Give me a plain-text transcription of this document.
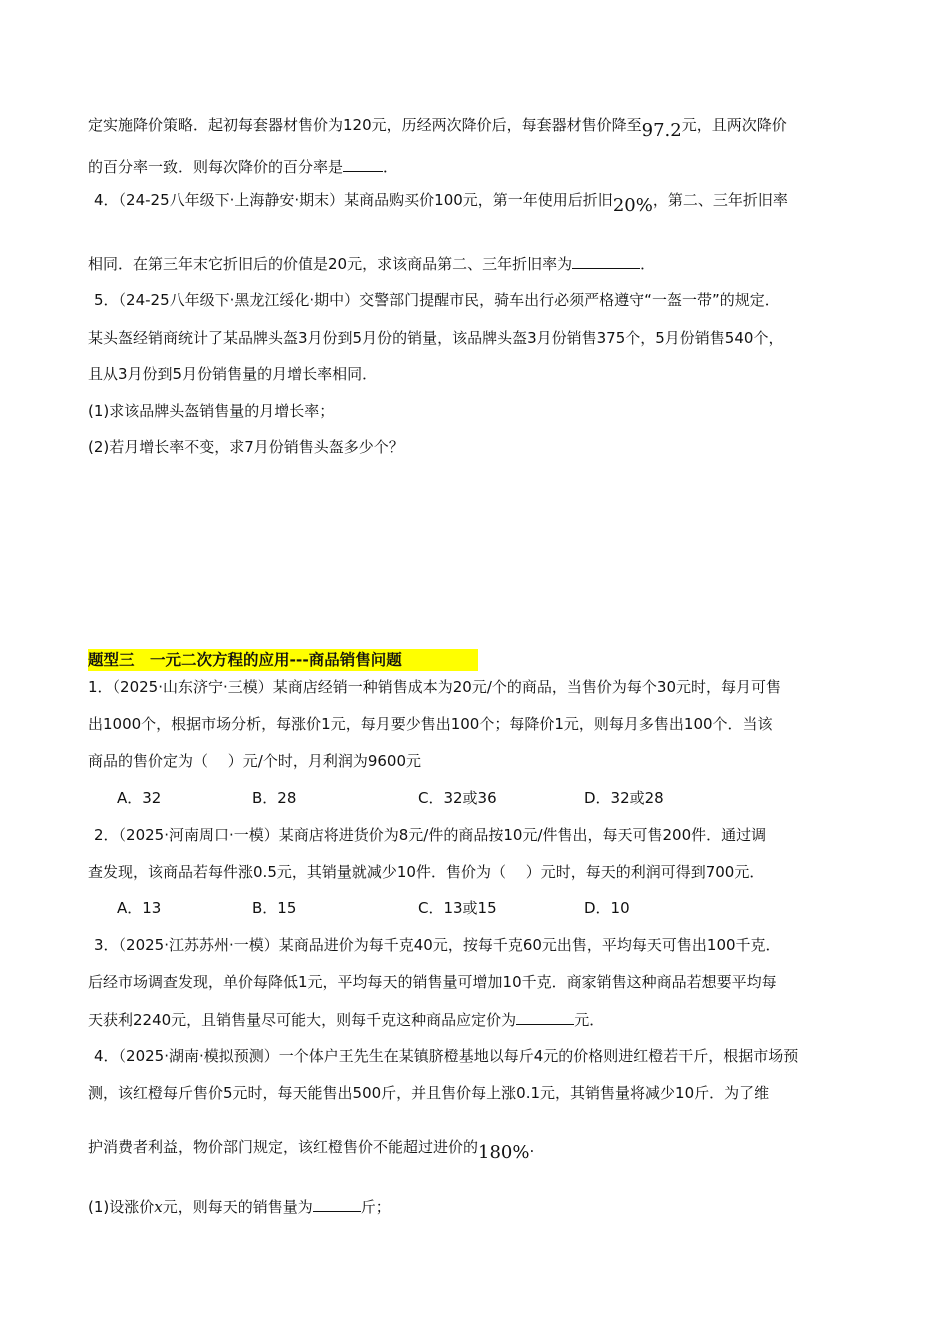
定实施降价策略．起初每套器材售价为120元，历经两次降价后，每套器材售价降至97.2元，且两次降价
的百分率一致．则每次降价的百分率是	．
4．（24-25八年级下·上海静安·期末）某商品购买价100元，第一年使用后折旧20%，第二、三年折旧率
相同．在第三年末它折旧后的价值是20元，求该商品第二、三年折旧率为	．
5．（24-25八年级下·黑龙江绥化·期中）交警部门提醒市民，骑车出行必须严格遵守“一盔一带”的规定．
某头盔经销商统计了某品牌头盔3月份到5月份的销量，该品牌头盔3月份销售375个，5月份销售540个，
且从3月份到5月份销售量的月增长率相同．
(1)求该品牌头盔销售量的月增长率；
(2)若月增长率不变，求7月份销售头盔多少个？
题型三　一元二次方程的应用---商品销售问题
1．（2025·山东济宁·三模）某商店经销一种销售成本为20元/个的商品，当售价为每个30元时，每月可售
出1000个，根据市场分析，每涨价1元，每月要少售出100个；每降价1元，则每月多售出100个．当该
商品的售价定为（　 ）元/个时，月利润为9600元
A．32	B．28	C．32或36	D．32或28
2．（2025·河南周口·一模）某商店将进货价为8元/件的商品按10元/件售出，每天可售200件．通过调
查发现，该商品若每件涨0.5元，其销量就减少10件．售价为（　 ）元时，每天的利润可得到700元．
A．13	B．15	C．13或15	D．10
3．（2025·江苏苏州·一模）某商品进价为每千克40元，按每千克60元出售，平均每天可售出100千克．
后经市场调查发现，单价每降低1元，平均每天的销售量可增加10千克．商家销售这种商品若想要平均每
天获利2240元，且销售量尽可能大，则每千克这种商品应定价为	元．
4．（2025·湖南·模拟预测）一个体户王先生在某镇脐橙基地以每斤4元的价格则进红橙若干斤，根据市场预
测，该红橙每斤售价5元时，每天能售出500斤，并且售价每上涨0.1元，其销售量将减少10斤．为了维
护消费者利益，物价部门规定，该红橙售价不能超过进价的180%.
(1)设涨价x元，则每天的销售量为	斤；
